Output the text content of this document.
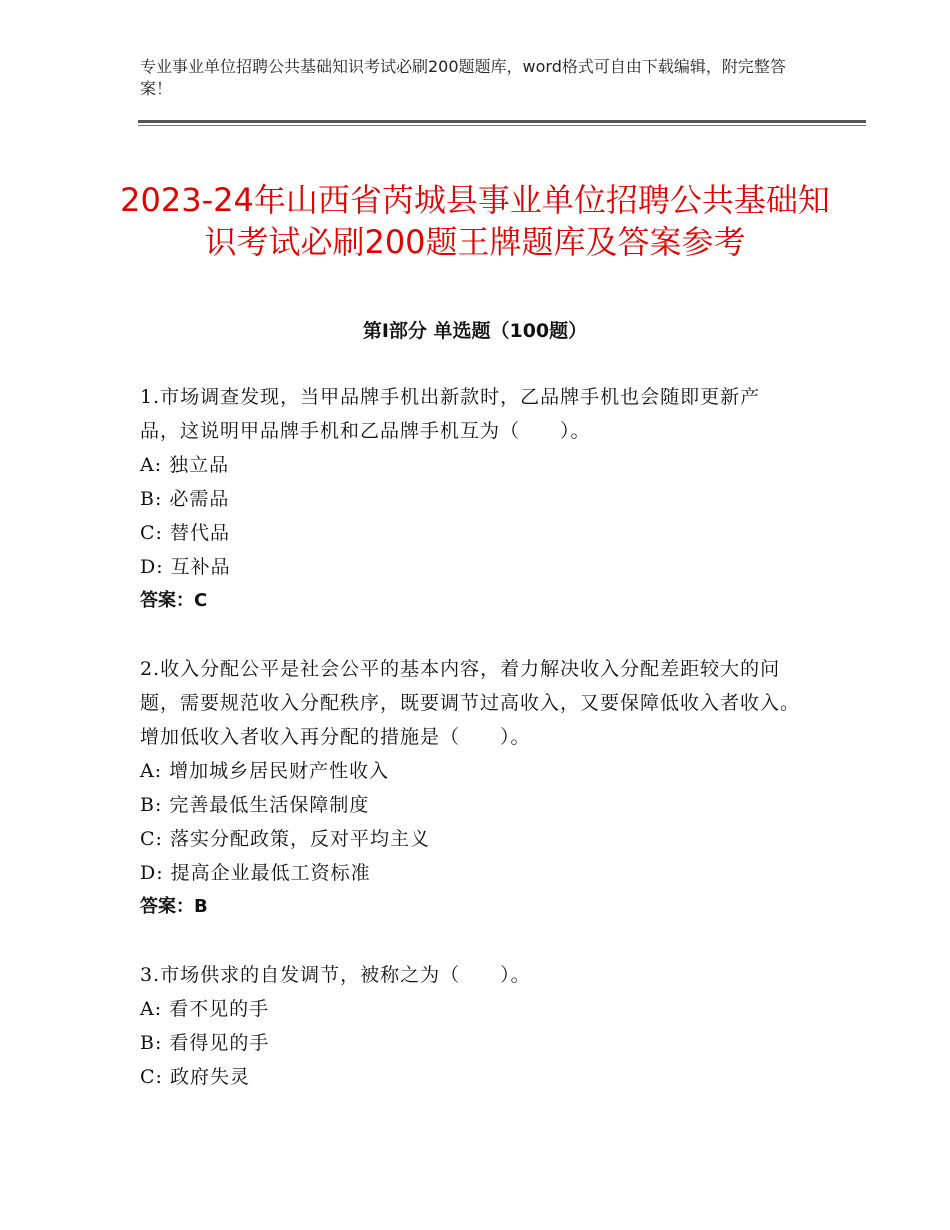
专业事业单位招聘公共基础知识考试必刷200题题库，word格式可自由下载编辑，附完整答案！
2023-24年山西省芮城县事业单位招聘公共基础知识考试必刷200题王牌题库及答案参考
第Ⅰ部分 单选题（100题）
1.市场调查发现，当甲品牌手机出新款时，乙品牌手机也会随即更新产品，这说明甲品牌手机和乙品牌手机互为（　　）。
A: 独立品
B: 必需品
C: 替代品
D: 互补品
答案：C
2.收入分配公平是社会公平的基本内容，着力解决收入分配差距较大的问题，需要规范收入分配秩序，既要调节过高收入，又要保障低收入者收入。增加低收入者收入再分配的措施是（　　）。
A: 增加城乡居民财产性收入
B: 完善最低生活保障制度
C: 落实分配政策，反对平均主义
D: 提高企业最低工资标准
答案：B
3.市场供求的自发调节，被称之为（　　）。
A: 看不见的手
B: 看得见的手
C: 政府失灵
